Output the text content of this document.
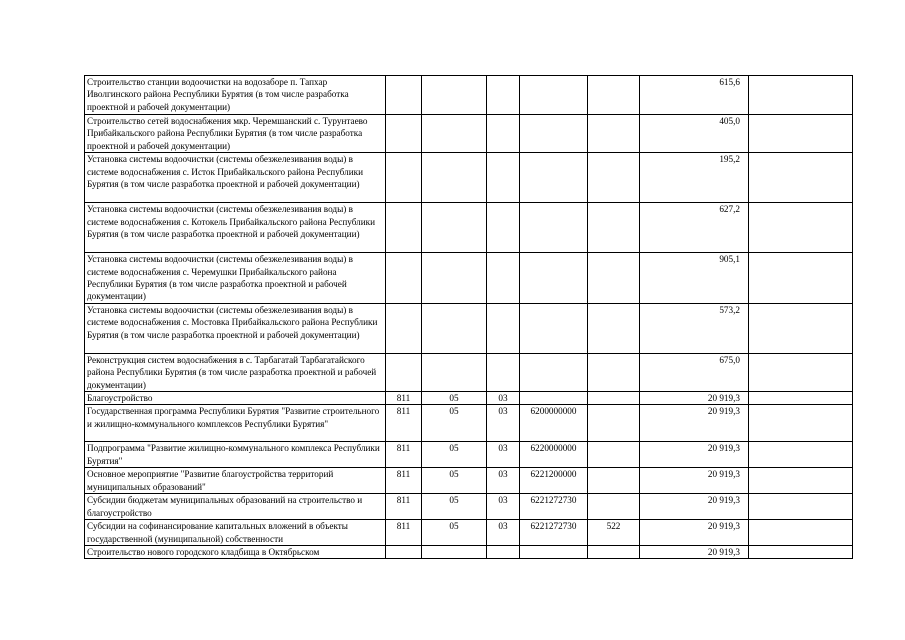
Строительство станции водоочистки на водозаборе п. Тапхар Иволгинского района Республики Бурятия (в том числе разработка проектной и рабочей документации)						615,6	
Строительство сетей водоснабжения мкр. Черемшанский с. Турунтаево Прибайкальского района Республики Бурятия (в том числе разработка проектной и рабочей документации)						405,0	
Установка системы водоочистки (системы обезжелезивания воды) в системе водоснабжения с. Исток Прибайкальского района Республики Бурятия (в том числе разработка проектной и рабочей документации)						195,2	
Установка системы водоочистки (системы обезжелезивания воды) в системе водоснабжения с. Котокель Прибайкальского района Республики Бурятия (в том числе разработка проектной и рабочей документации)						627,2	
Установка системы водоочистки (системы обезжелезивания воды) в системе водоснабжения с. Черемушки Прибайкальского района Республики Бурятия (в том числе разработка проектной и рабочей документации)						905,1	
Установка системы водоочистки (системы обезжелезивания воды) в системе водоснабжения с. Мостовка Прибайкальского района Республики Бурятия (в том числе разработка проектной и рабочей документации)						573,2	
Реконструкция систем водоснабжения в с. Тарбагатай Тарбагатайского района Республики Бурятия (в том числе разработка проектной и рабочей документации)						675,0	
Благоустройство	811	05	03			20 919,3	
Государственная программа Республики Бурятия "Развитие строительного и жилищно-коммунального комплексов Республики Бурятия"	811	05	03	6200000000		20 919,3	
Подпрограмма "Развитие жилищно-коммунального комплекса Республики Бурятия"	811	05	03	6220000000		20 919,3	
Основное мероприятие "Развитие благоустройства территорий муниципальных образований"	811	05	03	6221200000		20 919,3	
Субсидии бюджетам муниципальных образований на строительство и благоустройство	811	05	03	6221272730		20 919,3	
Субсидии на софинансирование капитальных вложений в объекты государственной (муниципальной) собственности	811	05	03	6221272730	522	20 919,3	
Строительство нового городского кладбища в Октябрьском						20 919,3	
